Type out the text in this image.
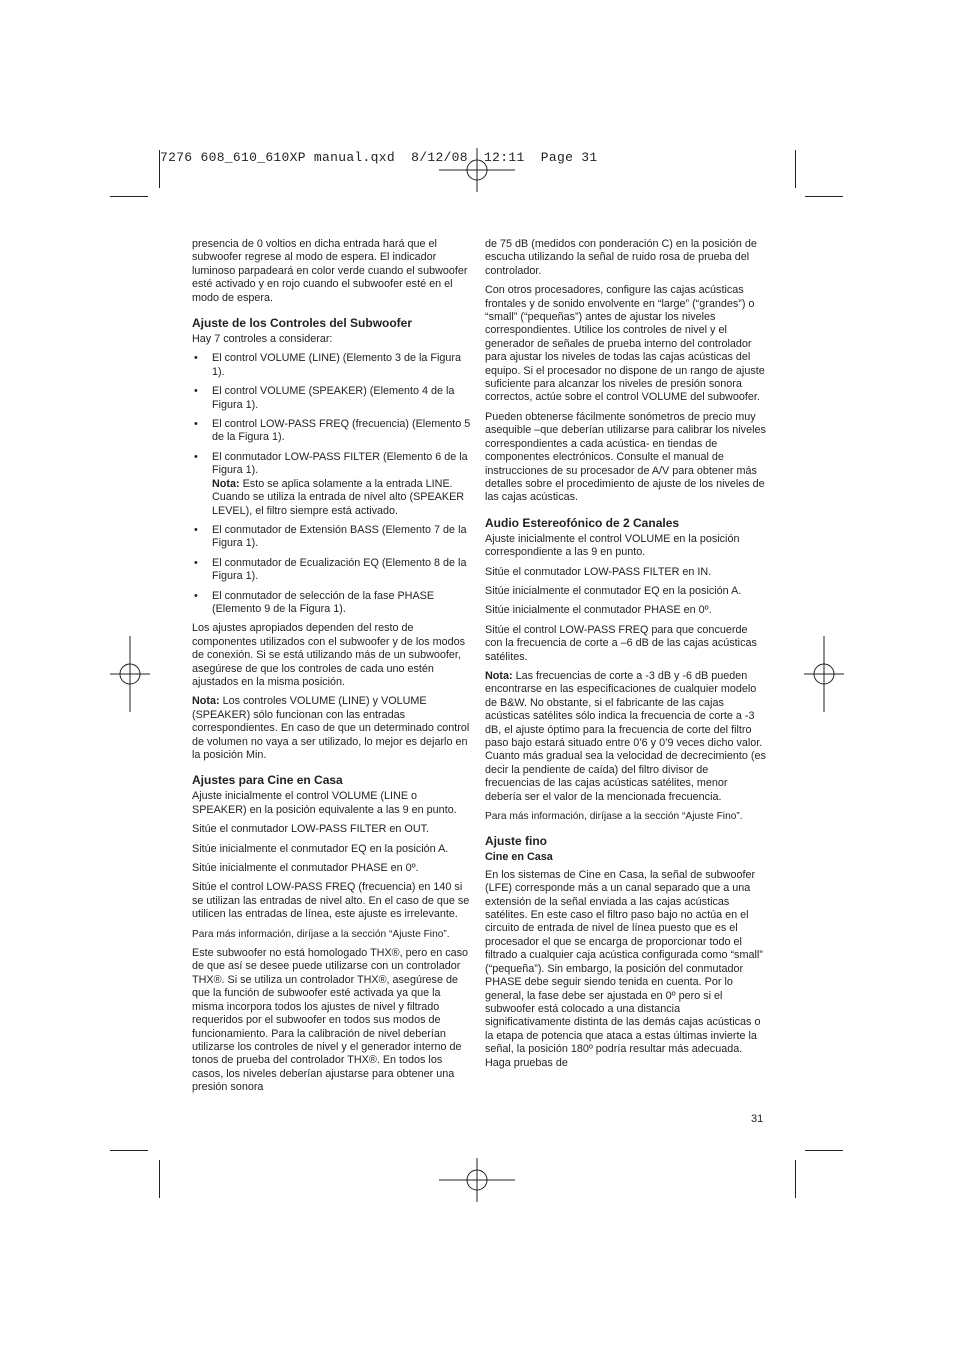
7276 608_610_610XP manual.qxd  8/12/08  12:11  Page 31

presencia de 0 voltios en dicha entrada hará que el subwoofer regrese al modo de espera. El indicador luminoso parpadeará en color verde cuando el subwoofer esté activado y en rojo cuando el subwoofer esté en el modo de espera.

Ajuste de los Controles del Subwoofer

Hay 7 controles a considerar:

• El control VOLUME (LINE) (Elemento 3 de la Figura 1).
• El control VOLUME (SPEAKER) (Elemento 4 de la Figura 1).
• El control LOW-PASS FREQ (frecuencia) (Elemento 5 de la Figura 1).
• El conmutador LOW-PASS FILTER (Elemento 6 de la Figura 1).
Nota: Esto se aplica solamente a la entrada LINE. Cuando se utiliza la entrada de nivel alto (SPEAKER LEVEL), el filtro siempre está activado.
• El conmutador de Extensión BASS (Elemento 7 de la Figura 1).
• El conmutador de Ecualización EQ (Elemento 8 de la Figura 1).
• El conmutador de selección de la fase PHASE (Elemento 9 de la Figura 1).

Los ajustes apropiados dependen del resto de componentes utilizados con el subwoofer y de los modos de conexión. Si se está utilizando más de un subwoofer, asegúrese de que los controles de cada uno estén ajustados en la misma posición.

Nota: Los controles VOLUME (LINE) y VOLUME (SPEAKER) sólo funcionan con las entradas correspondientes. En caso de que un determinado control de volumen no vaya a ser utilizado, lo mejor es dejarlo en la posición Min.

Ajustes para Cine en Casa

Ajuste inicialmente el control VOLUME (LINE o SPEAKER) en la posición equivalente a las 9 en punto.

Sitúe el conmutador LOW-PASS FILTER en OUT.

Sitúe inicialmente el conmutador EQ en la posición A.

Sitúe inicialmente el conmutador PHASE en 0º.

Sitúe el control LOW-PASS FREQ (frecuencia) en 140 si se utilizan las entradas de nivel alto. En el caso de que se utilicen las entradas de línea, este ajuste es irrelevante.

Para más información, diríjase a la sección “Ajuste Fino”.

Este subwoofer no está homologado THX®, pero en caso de que así se desee puede utilizarse con un controlador THX®. Si se utiliza un controlador THX®, asegúrese de que la función de subwoofer esté activada ya que la misma incorpora todos los ajustes de nivel y filtrado requeridos por el subwoofer en todos sus modos de funcionamiento. Para la calibración de nivel deberían utilizarse los controles de nivel y el generador interno de tonos de prueba del controlador THX®. En todos los casos, los niveles deberían ajustarse para obtener una presión sonora

de 75 dB (medidos con ponderación C) en la posición de escucha utilizando la señal de ruido rosa de prueba del controlador.

Con otros procesadores, configure las cajas acústicas frontales y de sonido envolvente en “large” (“grandes”) o “small” (“pequeñas”) antes de ajustar los niveles correspondientes. Utilice los controles de nivel y el generador de señales de prueba interno del controlador para ajustar los niveles de todas las cajas acústicas del equipo. Si el procesador no dispone de un rango de ajuste suficiente para alcanzar los niveles de presión sonora correctos, actúe sobre el control VOLUME del subwoofer.

Pueden obtenerse fácilmente sonómetros de precio muy asequible –que deberían utilizarse para calibrar los niveles correspondientes a cada acústica- en tiendas de componentes electrónicos. Consulte el manual de instrucciones de su procesador de A/V para obtener más detalles sobre el procedimiento de ajuste de los niveles de las cajas acústicas.

Audio Estereofónico de 2 Canales

Ajuste inicialmente el control VOLUME en la posición correspondiente a las 9 en punto.

Sitúe el conmutador LOW-PASS FILTER en IN.

Sitúe inicialmente el conmutador EQ en la posición A.

Sitúe inicialmente el conmutador PHASE en 0º.

Sitúe el control LOW-PASS FREQ para que concuerde con la frecuencia de corte a –6 dB de las cajas acústicas satélites.

Nota: Las frecuencias de corte a -3 dB y -6 dB pueden encontrarse en las especificaciones de cualquier modelo de B&W. No obstante, si el fabricante de las cajas acústicas satélites sólo indica la frecuencia de corte a -3 dB, el ajuste óptimo para la frecuencia de corte del filtro paso bajo estará situado entre 0’6 y 0’9 veces dicho valor. Cuanto más gradual sea la velocidad de decrecimiento (es decir la pendiente de caída) del filtro divisor de frecuencias de las cajas acústicas satélites, menor debería ser el valor de la mencionada frecuencia.

Para más información, diríjase a la sección “Ajuste Fino”.

Ajuste fino
Cine en Casa

En los sistemas de Cine en Casa, la señal de subwoofer (LFE) corresponde más a un canal separado que a una extensión de la señal enviada a las cajas acústicas satélites. En este caso el filtro paso bajo no actúa en el circuito de entrada de nivel de línea puesto que es el procesador el que se encarga de proporcionar todo el filtrado a cualquier caja acústica configurada como “small” (“pequeña”). Sin embargo, la posición del conmutador PHASE debe seguir siendo tenida en cuenta. Por lo general, la fase debe ser ajustada en 0º pero si el subwoofer está colocado a una distancia significativamente distinta de las demás cajas acústicas o la etapa de potencia que ataca a estas últimas invierte la señal, la posición 180º podría resultar más adecuada. Haga pruebas de

31
